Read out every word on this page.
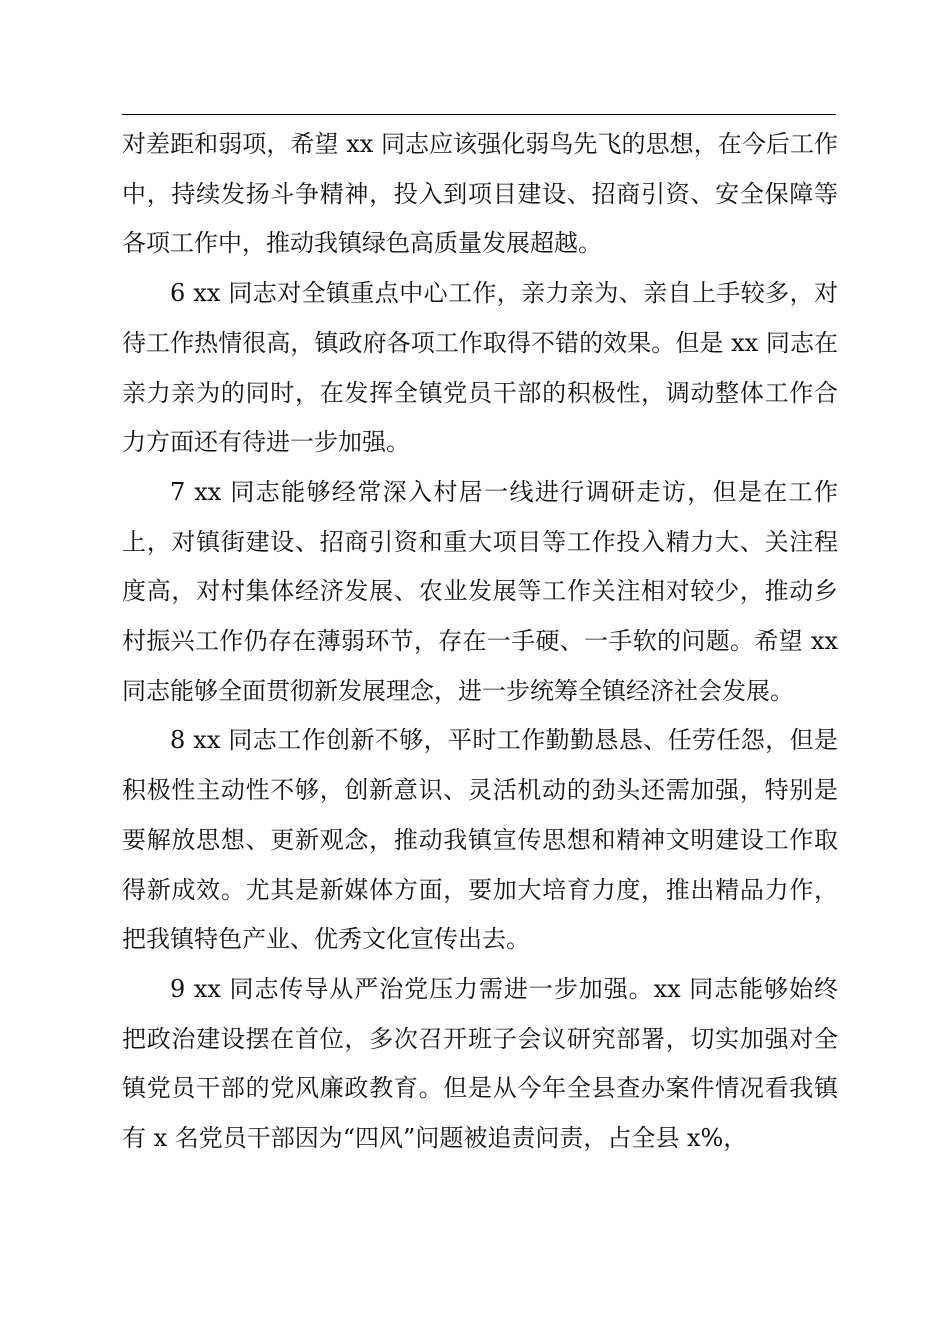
对差距和弱项，希望 xx 同志应该强化弱鸟先飞的思想，在今后工作中，持续发扬斗争精神，投入到项目建设、招商引资、安全保障等各项工作中，推动我镇绿色高质量发展超越。

6 xx 同志对全镇重点中心工作，亲力亲为、亲自上手较多，对待工作热情很高，镇政府各项工作取得不错的效果。但是 xx 同志在亲力亲为的同时，在发挥全镇党员干部的积极性，调动整体工作合力方面还有待进一步加强。

7 xx 同志能够经常深入村居一线进行调研走访，但是在工作上，对镇街建设、招商引资和重大项目等工作投入精力大、关注程度高，对村集体经济发展、农业发展等工作关注相对较少，推动乡村振兴工作仍存在薄弱环节，存在一手硬、一手软的问题。希望 xx 同志能够全面贯彻新发展理念，进一步统筹全镇经济社会发展。

8 xx 同志工作创新不够，平时工作勤勤恳恳、任劳任怨，但是积极性主动性不够，创新意识、灵活机动的劲头还需加强，特别是要解放思想、更新观念，推动我镇宣传思想和精神文明建设工作取得新成效。尤其是新媒体方面，要加大培育力度，推出精品力作，把我镇特色产业、优秀文化宣传出去。

9 xx 同志传导从严治党压力需进一步加强。xx 同志能够始终把政治建设摆在首位，多次召开班子会议研究部署，切实加强对全镇党员干部的党风廉政教育。但是从今年全县查办案件情况看我镇有 x 名党员干部因为“四风”问题被追责问责，占全县 x%，
